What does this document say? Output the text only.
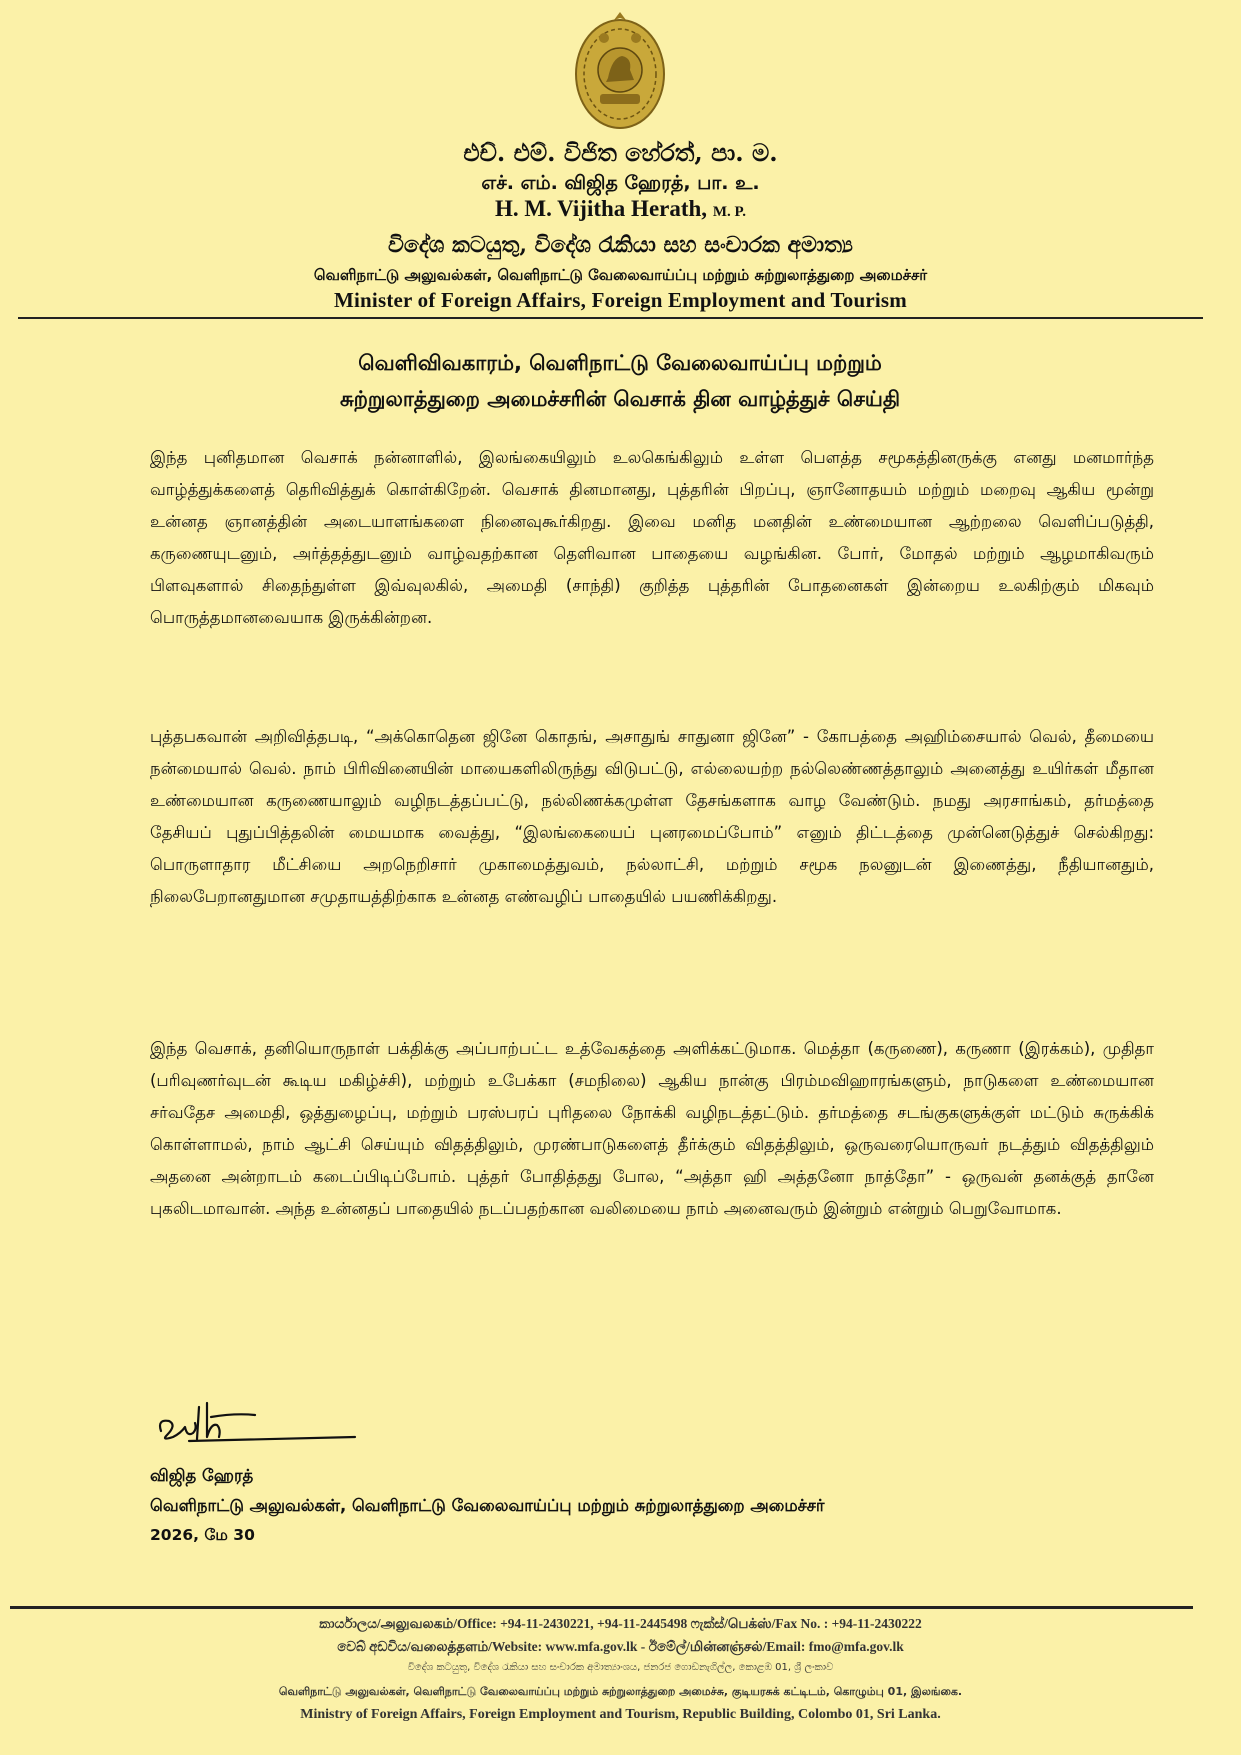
එච්. එම්. විජිත හේරත්, පා. ම.
எச். எம். விஜித ஹேரத், பா. உ.
H. M. Vijitha Herath, M. P.
විදේශ කටයුතු, විදේශ රැකියා සහ සංචාරක අමාත්‍ය
வெளிநாட்டு அலுவல்கள், வெளிநாட்டு வேலைவாய்ப்பு மற்றும் சுற்றுலாத்துறை அமைச்சர்
Minister of Foreign Affairs, Foreign Employment and Tourism
வெளிவிவகாரம், வெளிநாட்டு வேலைவாய்ப்பு மற்றும்
சுற்றுலாத்துறை அமைச்சரின் வெசாக் தின வாழ்த்துச் செய்தி

இந்த புனிதமான வெசாக் நன்னாளில், இலங்கையிலும் உலகெங்கிலும் உள்ள பௌத்த சமூகத்தினருக்கு எனது மனமார்ந்த வாழ்த்துக்களைத் தெரிவித்துக் கொள்கிறேன். வெசாக் தினமானது, புத்தரின் பிறப்பு, ஞானோதயம் மற்றும் மறைவு ஆகிய மூன்று உன்னத ஞானத்தின் அடையாளங்களை நினைவுகூர்கிறது. இவை மனித மனதின் உண்மையான ஆற்றலை வெளிப்படுத்தி, கருணையுடனும், அர்த்தத்துடனும் வாழ்வதற்கான தெளிவான பாதையை வழங்கின. போர், மோதல் மற்றும் ஆழமாகிவரும் பிளவுகளால் சிதைந்துள்ள இவ்வுலகில், அமைதி (சாந்தி) குறித்த புத்தரின் போதனைகள் இன்றைய உலகிற்கும் மிகவும் பொருத்தமானவையாக இருக்கின்றன.

புத்தபகவான் அறிவித்தபடி, “அக்கொதென ஜினே கொதங், அசாதுங் சாதுனா ஜினே” - கோபத்தை அஹிம்சையால் வெல், தீமையை நன்மையால் வெல். நாம் பிரிவினையின் மாயைகளிலிருந்து விடுபட்டு, எல்லையற்ற நல்லெண்ணத்தாலும் அனைத்து உயிர்கள் மீதான உண்மையான கருணையாலும் வழிநடத்தப்பட்டு, நல்லிணக்கமுள்ள தேசங்களாக வாழ வேண்டும். நமது அரசாங்கம், தர்மத்தை தேசியப் புதுப்பித்தலின் மையமாக வைத்து, “இலங்கையைப் புனரமைப்போம்” எனும் திட்டத்தை முன்னெடுத்துச் செல்கிறது: பொருளாதார மீட்சியை அறநெறிசார் முகாமைத்துவம், நல்லாட்சி, மற்றும் சமூக நலனுடன் இணைத்து, நீதியானதும், நிலைபேறானதுமான சமுதாயத்திற்காக உன்னத எண்வழிப் பாதையில் பயணிக்கிறது.

இந்த வெசாக், தனியொருநாள் பக்திக்கு அப்பாற்பட்ட உத்வேகத்தை அளிக்கட்டுமாக. மெத்தா (கருணை), கருணா (இரக்கம்), முதிதா (பரிவுணர்வுடன் கூடிய மகிழ்ச்சி), மற்றும் உபேக்கா (சமநிலை) ஆகிய நான்கு பிரம்மவிஹாரங்களும், நாடுகளை உண்மையான சர்வதேச அமைதி, ஒத்துழைப்பு, மற்றும் பரஸ்பரப் புரிதலை நோக்கி வழிநடத்தட்டும். தர்மத்தை சடங்குகளுக்குள் மட்டும் சுருக்கிக் கொள்ளாமல், நாம் ஆட்சி செய்யும் விதத்திலும், முரண்பாடுகளைத் தீர்க்கும் விதத்திலும், ஒருவரையொருவர் நடத்தும் விதத்திலும் அதனை அன்றாடம் கடைப்பிடிப்போம். புத்தர் போதித்தது போல, “அத்தா ஹி அத்தனோ நாத்தோ” - ஒருவன் தனக்குத் தானே புகலிடமாவான். அந்த உன்னதப் பாதையில் நடப்பதற்கான வலிமையை நாம் அனைவரும் இன்றும் என்றும் பெறுவோமாக.

விஜித ஹேரத்
வெளிநாட்டு அலுவல்கள், வெளிநாட்டு வேலைவாய்ப்பு மற்றும் சுற்றுலாத்துறை அமைச்சர்
2026, மே 30
කාර්යාලය/அலுவலகம்/Office: +94-11-2430221, +94-11-2445498 ෆැක්ස්/பெக்ஸ்/Fax No. : +94-11-2430222
වෙබ් අඩවිය/வலைத்தளம்/Website: www.mfa.gov.lk - ඊමේල්/மின்னஞ்சல்/Email: fmo@mfa.gov.lk
විදේශ කටයුතු, විදේශ රැකියා සහ සංචාරක අමාත්‍යාංශය, ජනරජ ගොඩනැගිල්ල, කොළඹ 01, ශ්‍රී ලංකාව
வெளிநாட்டு அலுவல்கள், வெளிநாட்டு வேலைவாய்ப்பு மற்றும் சுற்றுலாத்துறை அமைச்சு, குடியரசுக் கட்டிடம், கொழும்பு 01, இலங்கை.
Ministry of Foreign Affairs, Foreign Employment and Tourism, Republic Building, Colombo 01, Sri Lanka.
